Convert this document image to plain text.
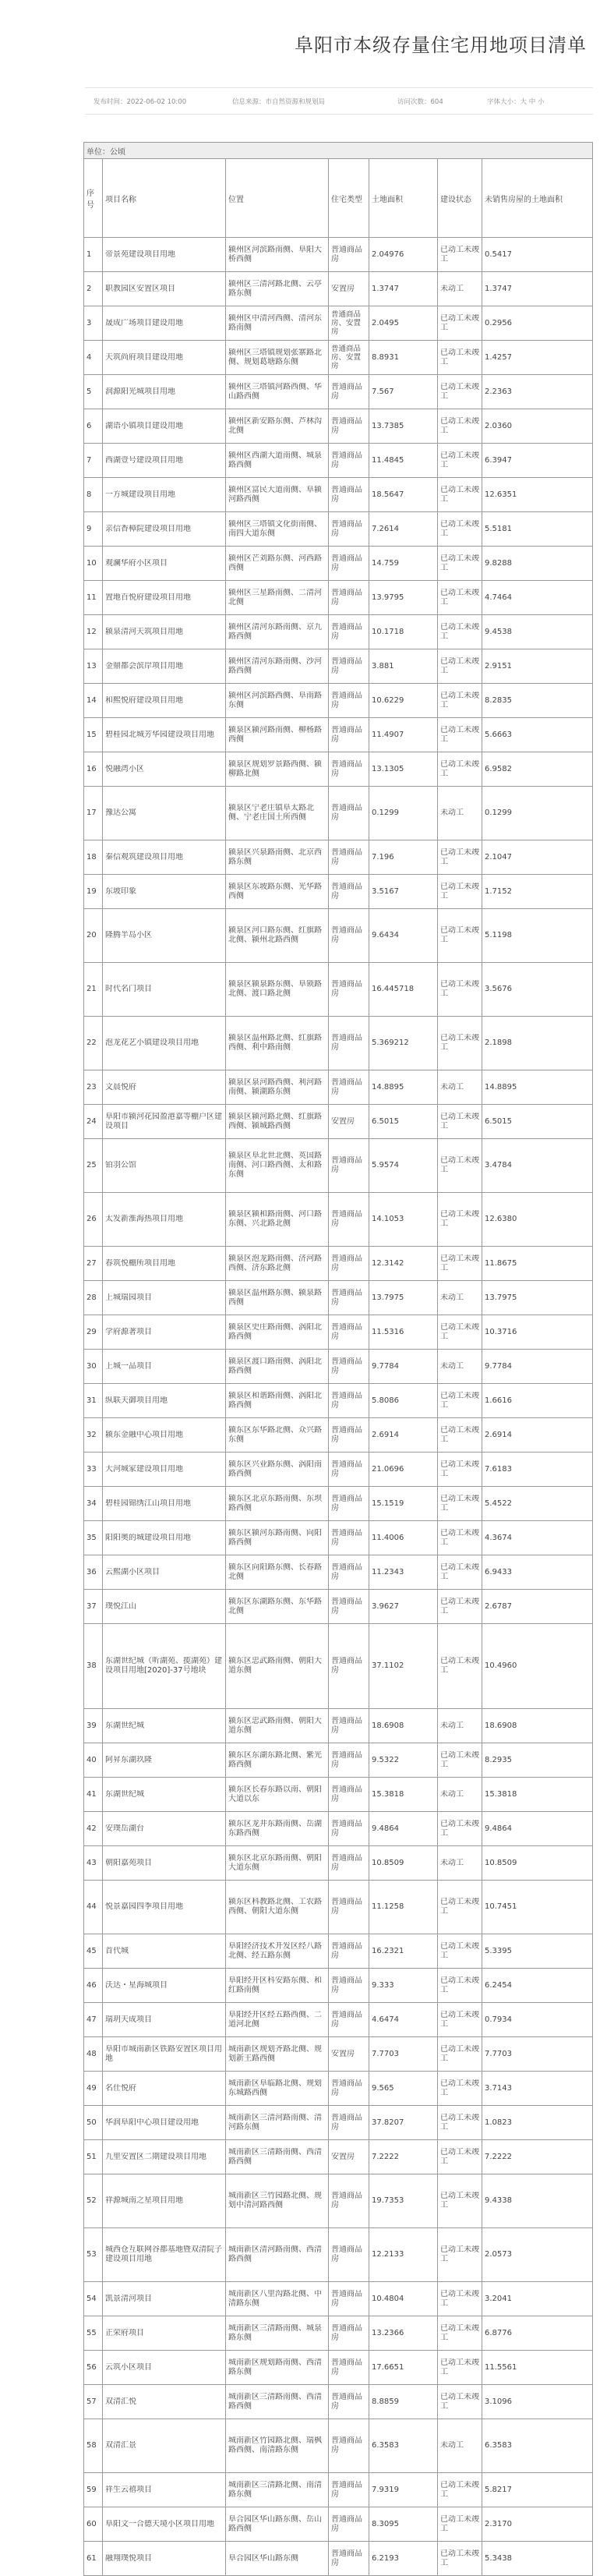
阜阳市本级存量住宅用地项目清单
发布时间：2022-06-02 10:00	信息来源：市自然资源和规划局	访问次数：604	字体大小：大 中 小
单位：公顷						
序号	项目名称	位置	住宅类型	土地面积	建设状态	未销售房屋的土地面积

1	帝景苑建设项目用地	颍州区河滨路南侧、阜阳大桥西侧	普通商品房	2.04976	已动工未竣工	0.5417

2	职教园区安置区项目	颍州区三清河路北侧、云亭路东侧	安置房	1.3747	未动工	1.3747

3	晟成广场项目建设用地	颍州区中清河西侧、清河东路南侧	普通商品房、安置房	2.0495	已动工未竣工	0.2956

4	天筑尚府项目建设用地	颍州区三塔镇规划张寨路北侧、规划葛塘路东侧	普通商品房、安置房	8.8931	已动工未竣工	1.4257

5	润源阳光城项目用地	颍州区三塔镇河路西侧、华山路西侧	普通商品房	7.567	已动工未竣工	2.2363

6	湖语小镇项目建设用地	颍州区新安路东侧、芦林沟北侧	普通商品房	13.7385	已动工未竣工	2.0360

7	西湖壹号建设项目用地	颍州区西湖大道南侧、城泉路西侧	普通商品房	11.4845	已动工未竣工	6.3947

8	一方城建设项目用地	颍州区富民大道南侧、阜颍河路西侧	普通商品房	18.5647	已动工未竣工	12.6351

9	亲信香樟院建设项目用地	颍州区三塔镇文化街南侧、南四大道东侧	普通商品房	7.2614	已动工未竣工	5.5181

10	观澜华府小区项目	颍州区芒刘路东侧、河西路西侧	普通商品房	14.759	已动工未竣工	9.8288

11	置地百悦府建设项目用地	颍州区三星路南侧、二清河北侧	普通商品房	13.9795	已动工未竣工	4.7464

12	颍泉清河天筑项目用地	颍州区清河东路南侧、京九路西侧	普通商品房	10.1718	已动工未竣工	9.4538

13	金鼎都会滨岸项目用地	颍州区清河东路南侧、沙河路西侧	普通商品房	3.881	已动工未竣工	2.9151

14	和熙悦府建设项目用地	颍州区河滨路西侧、阜南路东侧	普通商品房	10.6229	已动工未竣工	8.2835

15	碧桂园北城芳华园建设项目用地	颍泉区颍河路南侧、柳杨路西侧	普通商品房	11.4907	已动工未竣工	5.6663

16	悦融湾小区	颍泉区规划罗景路西侧、颍柳路北侧	普通商品房	13.1305	已动工未竣工	6.9582

17	豫达公寓	颍泉区宁老庄镇阜太路北侧、宁老庄国土所西侧	普通商品房	0.1299	未动工	0.1299

18	秦信观筑建设项目用地	颍泉区兴泉路南侧、北京西路东侧	普通商品房	7.196	已动工未竣工	2.1047

19	东坡印象	颍泉区东坡路东侧、光华路西侧	普通商品房	3.5167	已动工未竣工	1.7152

20	隆腾半岛小区	颍泉区河口路东侧、红旗路北侧、颍州北路西侧	普通商品房	9.6434	已动工未竣工	5.1198

21	时代名门项目	颍泉区颍泉路东侧、阜锁路北侧、渡口路北侧	普通商品房	16.445718	已动工未竣工	3.5676

22	泡龙花艺小镇建设项目用地	颍泉区温州路北侧、红旗路西侧、利中路南侧	普通商品房	5.369212	已动工未竣工	2.1898

23	文晨悦府	颍泉区泉河路西侧、利河路南侧、颍湖路东侧	普通商品房	14.8895	未动工	14.8895

24	阜阳市颍河花园盈港嘉等棚户区建设项目	颍泉区颍河路北侧、红旗路西侧、颍城路西侧	安置房	6.5015	已动工未竣工	6.5015

25	铂羽公馆	颍泉区阜北世北侧、英国路南侧、河口路西侧、太和路东侧	普通商品房	5.9574	已动工未竣工	3.4784

26	太发新淮海热项目用地	颍泉区颍和路南侧、河口路东侧、兴北路北侧	普通商品房	14.1053	已动工未竣工	12.6380

27	春筑悦棚所项目用地	颍泉区泡龙路南侧、济河路西侧、济东路北侧	普通商品房	12.3142	已动工未竣工	11.8675

28	上城瑞园项目	颍泉区温州路东侧、颍泉路西侧	普通商品房	13.7975	未动工	13.7975

29	学府源著项目	颍泉区史庄路南侧、涡阳北路西侧	普通商品房	11.5316	已动工未竣工	10.3716

30	上城一品项目	颍泉区渡口路南侧、涡阳北路西侧	普通商品房	9.7784	未动工	9.7784

31	纵联天御项目用地	颍泉区和谐路南侧、涡阳北路西侧	普通商品房	5.8086	已动工未竣工	1.6616

32	颍东金融中心项目用地	颍东区东华路北侧、众兴路东侧	普通商品房	2.6914	已动工未竣工	2.6914

33	大河城家建设项目用地	颍东区兴业路东侧、涡阳南路西侧	普通商品房	21.0696	已动工未竣工	7.6183

34	碧桂园锦绣江山项目用地	颍东区北京东路南侧、东坝路西侧	普通商品房	15.1519	已动工未竣工	5.4522

35	阳阳奥的城建设项目用地	颍东区颍河东路南侧、向阳路西侧	普通商品房	11.4006	已动工未竣工	4.3674

36	云熙湖小区项目	颍东区向阳路东侧、长春路北侧	普通商品房	11.2343	已动工未竣工	6.9433

37	璞悦江山	颍东区东湖路东侧、东华路北侧	普通商品房	3.9627	已动工未竣工	2.6787

38	东湖世纪城（听湖苑、揽湖苑）建设项目用地[2020]-37号地块	颍东区忠武路南侧、朝阳大道东侧	普通商品房	37.1102	已动工未竣工	10.4960

39	东湖世纪城	颍东区忠武路南侧、朝阳大道东侧	普通商品房	18.6908	未动工	18.6908

40	阿昇东湖玖隆	颍东区东湖东路北侧、紫光路西侧	普通商品房	9.5322	已动工未竣工	8.2935

41	东湖世纪城	颍东区长春东路以南、朝阳大道以东	普通商品房	15.3818	未动工	15.3818

42	安璞岳湖台	颍东区龙井东路南侧、岳湖东路西侧	普通商品房	9.4864	已动工未竣工	9.4864

43	朝阳嘉苑项目	颍东区北京东路南侧、朝阳大道东侧	普通商品房	10.8509	未动工	10.8509

44	悦景嘉园四季项目用地	颍东区科教路北侧、工农路西侧、朝阳大道东侧	普通商品房	11.1258	已动工未竣工	10.7451

45	首代城	阜阳经济技术开发区经八路北侧、经五路东侧	普通商品房	16.2321	已动工未竣工	5.3395

46	沃达・星海城项目	阜阳经开区科安路东侧、和红路南侧	普通商品房	9.333	已动工未竣工	6.2454

47	瑞玥天成项目	阜阳经开区经五路西侧、二道河北侧	普通商品房	4.6474	已动工未竣工	0.7934

48	阜阳市城南新区铁路安置区项目用地	城南新区规划齐路北侧、规划新王路西侧	安置房	7.7703	已动工未竣工	7.7703

49	名仕悦府	城南新区阜临路北侧、规划东城路西侧	普通商品房	9.565	已动工未竣工	3.7143

50	华润阜阳中心项目建设用地	城南新区三清河路南侧、清河路东侧	普通商品房	37.8207	已动工未竣工	1.0823

51	九里安置区二期建设项目用地	城南新区三清路南侧、西清路西侧	安置房	7.2222	已动工未竣工	7.2222

52	祥源城南之星项目用地	城南新区三竹园路北侧、规划中清河路西侧	普通商品房	19.7353	已动工未竣工	9.4338

53	城西仓互联网谷都基地暨双清院子建设项目用地	城南新区清河路南侧、西清路西侧	普通商品房	12.2133	已动工未竣工	2.0573

54	凯景清河项目	城南新区八里沟路北侧、中清路东侧	普通商品房	10.4804	已动工未竣工	3.2041

55	正荣府项目	城南新区三清路南侧、城泉路东侧	普通商品房	13.2366	已动工未竣工	6.8776

56	云筑小区项目	城南新区规划路南侧、西清路东侧	普通商品房	17.6651	已动工未竣工	11.5561

57	双清汇悦	城南新区三清路南侧、西清路西侧	普通商品房	8.8859	已动工未竣工	3.1096

58	双清汇景	城南新区竹园路北侧、瑞枫路西侧、南清路东侧	普通商品房	6.3583	未动工	6.3583

59	祥生云禧项目	城南新区三清路北侧、南清路东侧	普通商品房	7.9319	已动工未竣工	5.8217

60	阜阳文一合德天境小区项目用地	阜合园区华山路东侧、岳山路西侧	普通商品房	8.3095	已动工未竣工	2.3170

61	融翔璞悦项目	阜合园区华山路东侧	普通商品房	6.2193	已动工未竣工	5.3438
